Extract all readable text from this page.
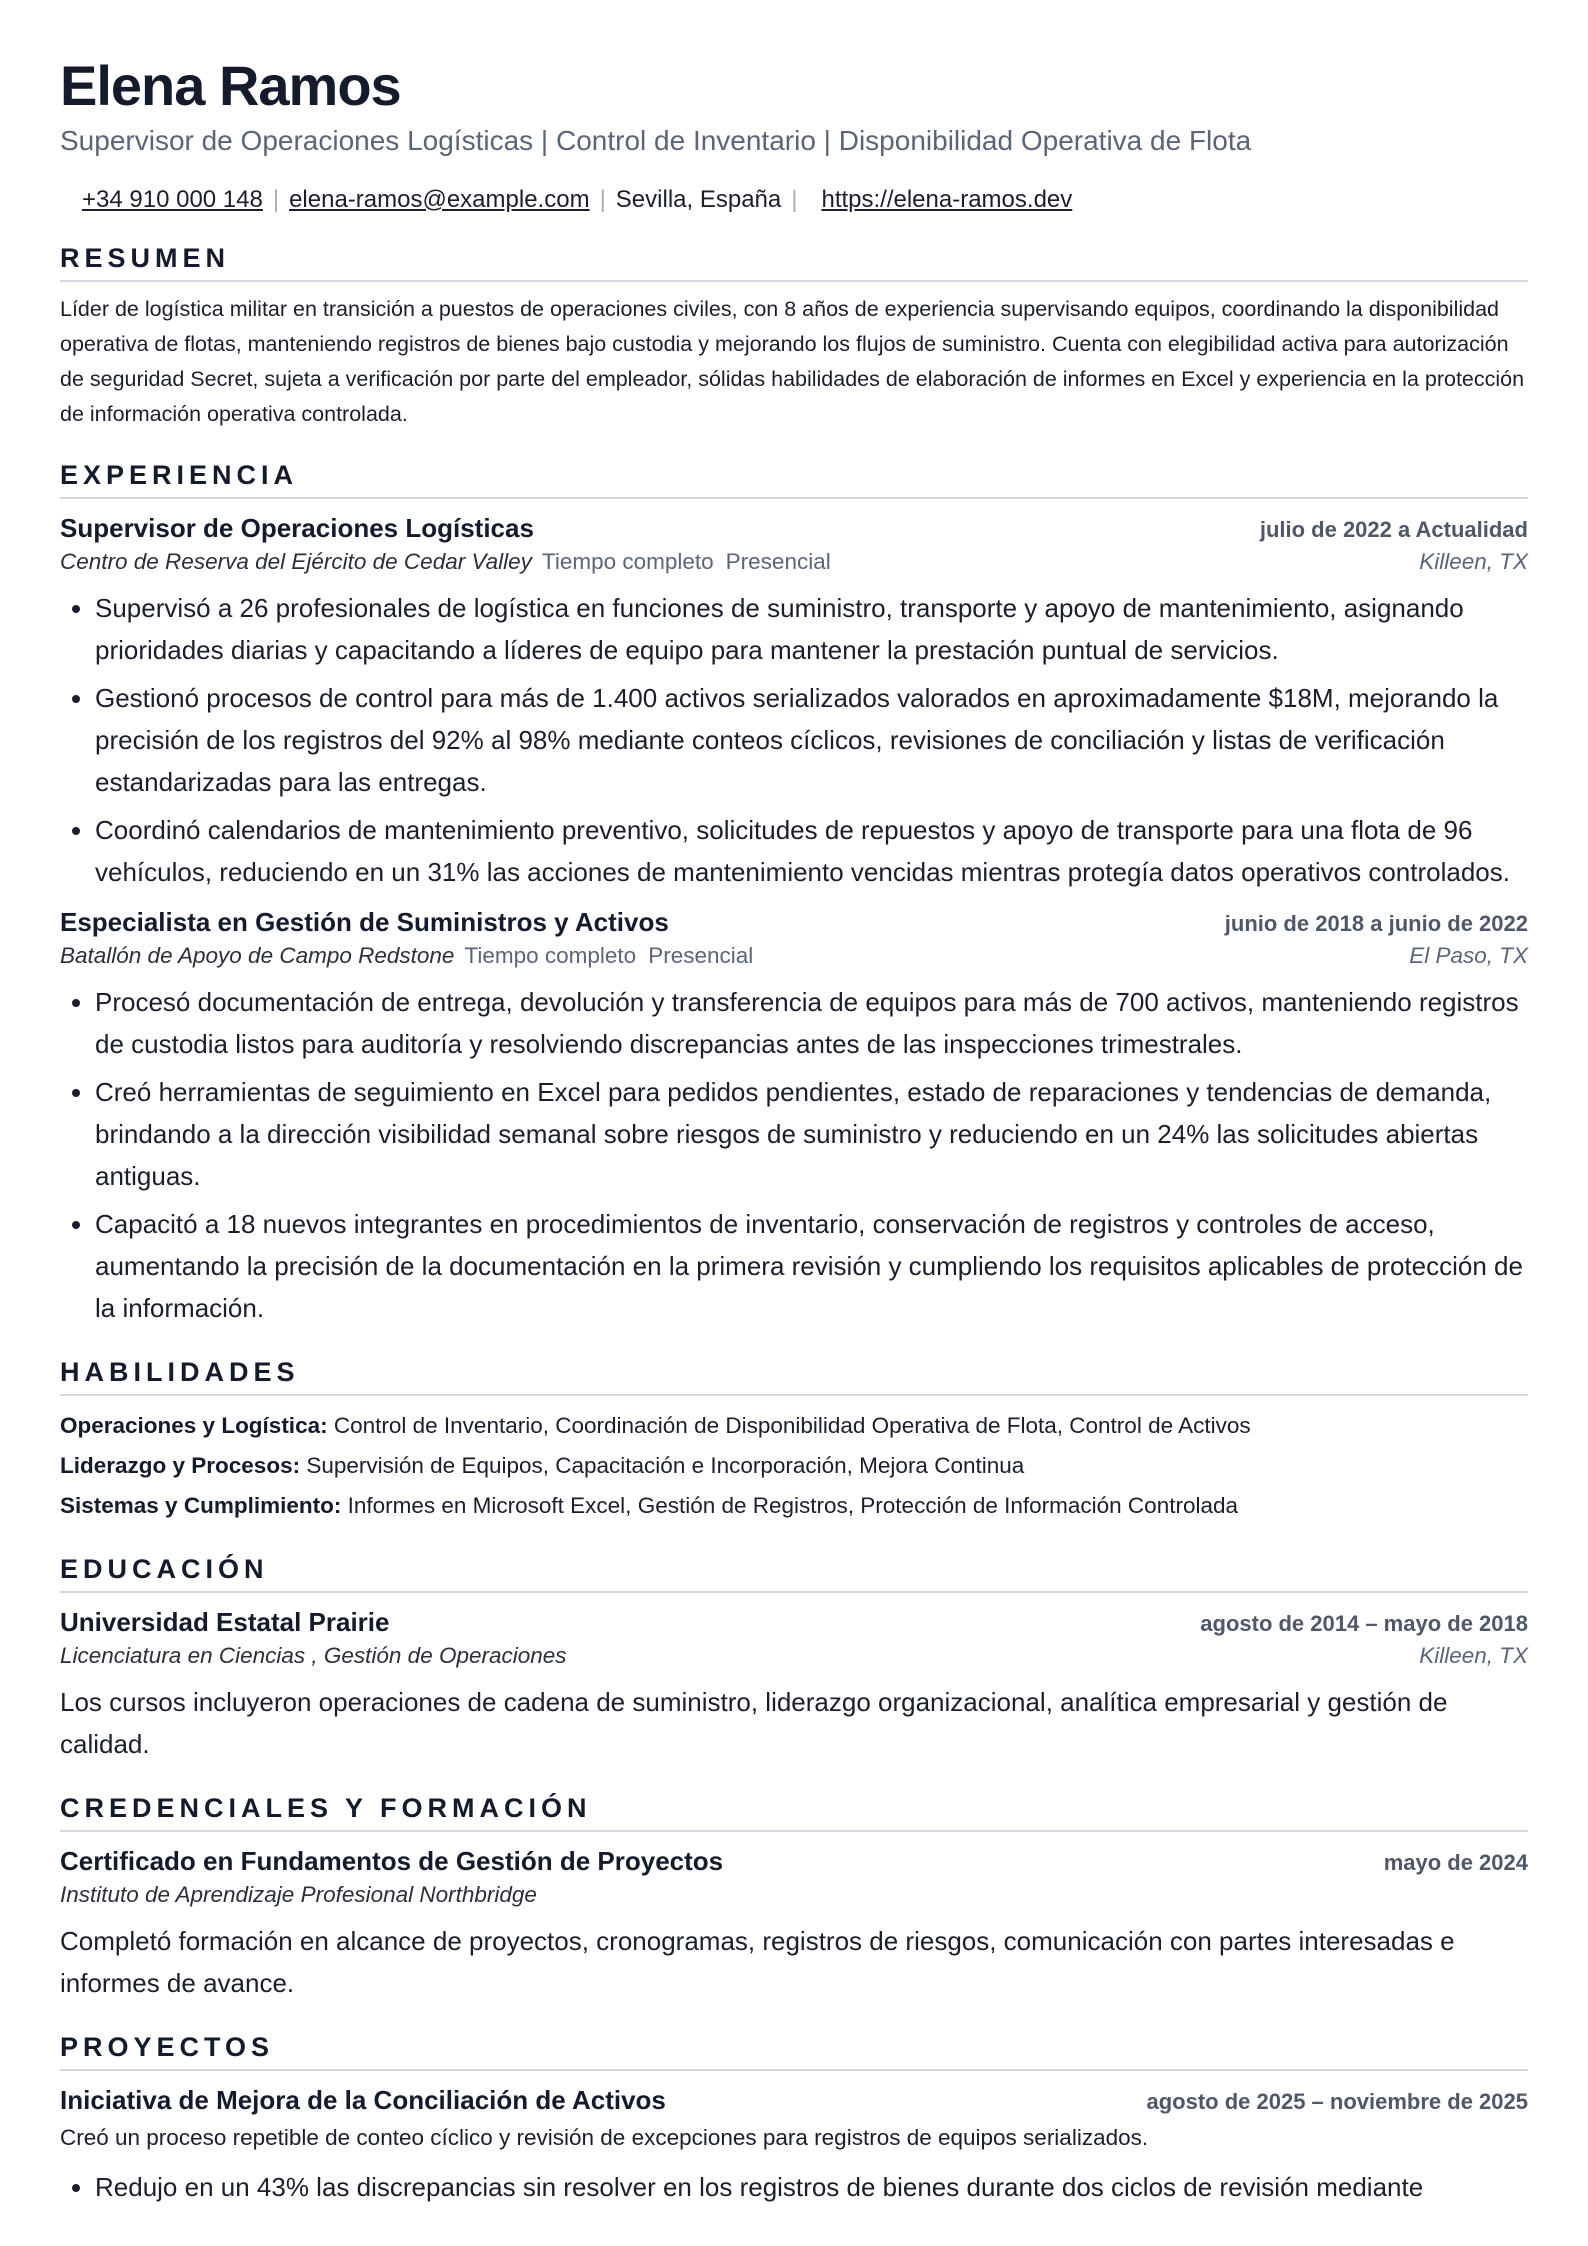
Elena Ramos
Supervisor de Operaciones Logísticas | Control de Inventario | Disponibilidad Operativa de Flota
+34 910 000 148 | elena-ramos@example.com | Sevilla, España | https://elena-ramos.dev
RESUMEN

Líder de logística militar en transición a puestos de operaciones civiles, con 8 años de experiencia supervisando equipos, coordinando la disponibilidad operativa de flotas, manteniendo registros de bienes bajo custodia y mejorando los flujos de suministro. Cuenta con elegibilidad activa para autorización de seguridad Secret, sujeta a verificación por parte del empleador, sólidas habilidades de elaboración de informes en Excel y experiencia en la protección de información operativa controlada.

EXPERIENCIA
Supervisor de Operaciones Logísticas	julio de 2022 a Actualidad
Centro de Reserva del Ejército de Cedar Valley Tiempo completo Presencial	Killeen, TX
• Supervisó a 26 profesionales de logística en funciones de suministro, transporte y apoyo de mantenimiento, asignando prioridades diarias y capacitando a líderes de equipo para mantener la prestación puntual de servicios.
• Gestionó procesos de control para más de 1.400 activos serializados valorados en aproximadamente $18M, mejorando la precisión de los registros del 92% al 98% mediante conteos cíclicos, revisiones de conciliación y listas de verificación estandarizadas para las entregas.
• Coordinó calendarios de mantenimiento preventivo, solicitudes de repuestos y apoyo de transporte para una flota de 96 vehículos, reduciendo en un 31% las acciones de mantenimiento vencidas mientras protegía datos operativos controlados.
Especialista en Gestión de Suministros y Activos	junio de 2018 a junio de 2022
Batallón de Apoyo de Campo Redstone Tiempo completo Presencial	El Paso, TX
• Procesó documentación de entrega, devolución y transferencia de equipos para más de 700 activos, manteniendo registros de custodia listos para auditoría y resolviendo discrepancias antes de las inspecciones trimestrales.
• Creó herramientas de seguimiento en Excel para pedidos pendientes, estado de reparaciones y tendencias de demanda, brindando a la dirección visibilidad semanal sobre riesgos de suministro y reduciendo en un 24% las solicitudes abiertas antiguas.
• Capacitó a 18 nuevos integrantes en procedimientos de inventario, conservación de registros y controles de acceso, aumentando la precisión de la documentación en la primera revisión y cumpliendo los requisitos aplicables de protección de la información.
HABILIDADES
Operaciones y Logística: Control de Inventario, Coordinación de Disponibilidad Operativa de Flota, Control de Activos
Liderazgo y Procesos: Supervisión de Equipos, Capacitación e Incorporación, Mejora Continua
Sistemas y Cumplimiento: Informes en Microsoft Excel, Gestión de Registros, Protección de Información Controlada
EDUCACIÓN
Universidad Estatal Prairie	agosto de 2014 – mayo de 2018
Licenciatura en Ciencias , Gestión de Operaciones	Killeen, TX
Los cursos incluyeron operaciones de cadena de suministro, liderazgo organizacional, analítica empresarial y gestión de calidad.
CREDENCIALES Y FORMACIÓN
Certificado en Fundamentos de Gestión de Proyectos	mayo de 2024
Instituto de Aprendizaje Profesional Northbridge
Completó formación en alcance de proyectos, cronogramas, registros de riesgos, comunicación con partes interesadas e informes de avance.
PROYECTOS
Iniciativa de Mejora de la Conciliación de Activos	agosto de 2025 – noviembre de 2025
Creó un proceso repetible de conteo cíclico y revisión de excepciones para registros de equipos serializados.
• Redujo en un 43% las discrepancias sin resolver en los registros de bienes durante dos ciclos de revisión mediante
